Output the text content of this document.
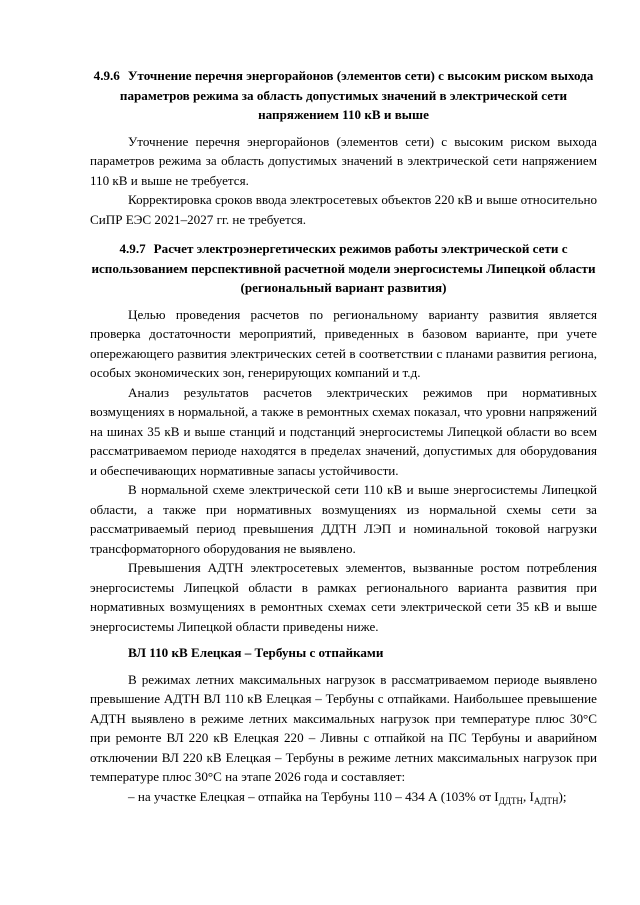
4.9.6 Уточнение перечня энергорайонов (элементов сети) с высоким риском выхода параметров режима за область допустимых значений в электрической сети напряжением 110 кВ и выше

Уточнение перечня энергорайонов (элементов сети) с высоким риском выхода параметров режима за область допустимых значений в электрической сети напряжением 110 кВ и выше не требуется.

Корректировка сроков ввода электросетевых объектов 220 кВ и выше относительно СиПР ЕЭС 2021–2027 гг. не требуется.

4.9.7 Расчет электроэнергетических режимов работы электрической сети с использованием перспективной расчетной модели энергосистемы Липецкой области (региональный вариант развития)

Целью проведения расчетов по региональному варианту развития является проверка достаточности мероприятий, приведенных в базовом варианте, при учете опережающего развития электрических сетей в соответствии с планами развития региона, особых экономических зон, генерирующих компаний и т.д.

Анализ результатов расчетов электрических режимов при нормативных возмущениях в нормальной, а также в ремонтных схемах показал, что уровни напряжений на шинах 35 кВ и выше станций и подстанций энергосистемы Липецкой области во всем рассматриваемом периоде находятся в пределах значений, допустимых для оборудования и обеспечивающих нормативные запасы устойчивости.

В нормальной схеме электрической сети 110 кВ и выше энергосистемы Липецкой области, а также при нормативных возмущениях из нормальной схемы сети за рассматриваемый период превышения ДДТН ЛЭП и номинальной токовой нагрузки трансформаторного оборудования не выявлено.

Превышения АДТН электросетевых элементов, вызванные ростом потребления энергосистемы Липецкой области в рамках регионального варианта развития при нормативных возмущениях в ремонтных схемах сети электрической сети 35 кВ и выше энергосистемы Липецкой области приведены ниже.

ВЛ 110 кВ Елецкая – Тербуны с отпайками

В режимах летних максимальных нагрузок в рассматриваемом периоде выявлено превышение АДТН ВЛ 110 кВ Елецкая – Тербуны с отпайками. Наибольшее превышение АДТН выявлено в режиме летних максимальных нагрузок при температуре плюс 30°С при ремонте ВЛ 220 кВ Елецкая 220 – Ливны с отпайкой на ПС Тербуны и аварийном отключении ВЛ 220 кВ Елецкая – Тербуны в режиме летних максимальных нагрузок при температуре плюс 30°С на этапе 2026 года и составляет:

– на участке Елецкая – отпайка на Тербуны 110 – 434 А (103% от $I_{ДДТН}$, $I_{АДТН}$);
